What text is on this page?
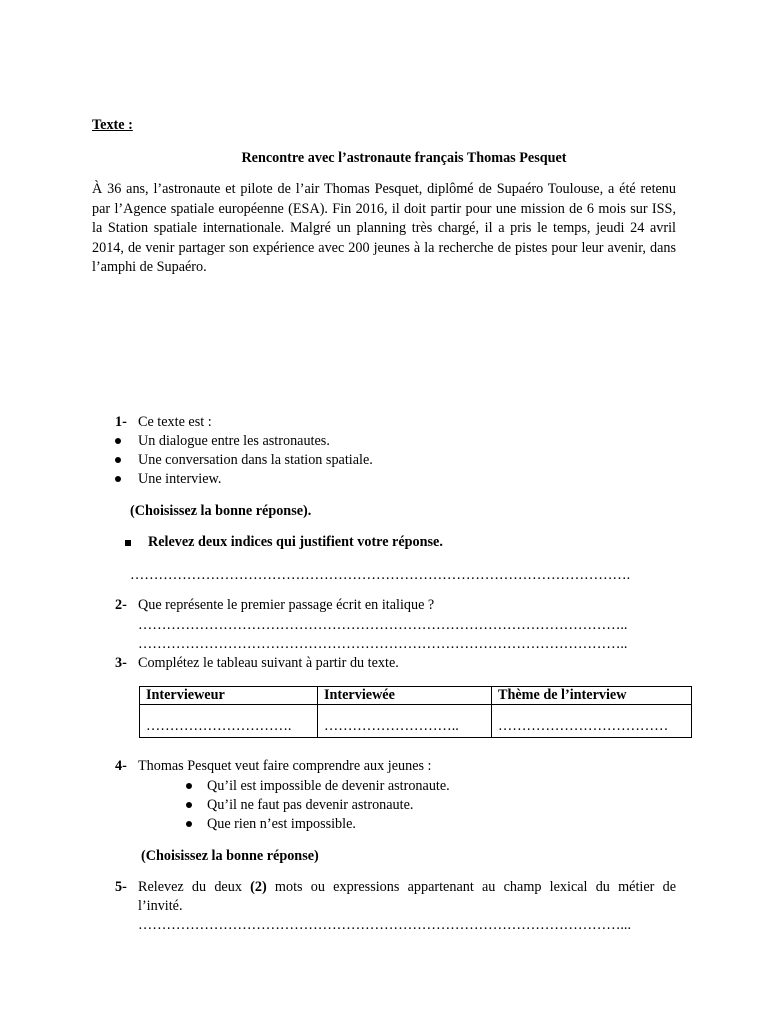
Texte :
Rencontre avec l’astronaute français Thomas Pesquet
À 36 ans, l’astronaute et pilote de l’air Thomas Pesquet, diplômé de Supaéro Toulouse, a été retenu par l’Agence spatiale européenne (ESA). Fin 2016, il doit partir pour une mission de 6 mois sur ISS, la Station spatiale internationale. Malgré un planning très chargé, il a pris le temps, jeudi 24 avril 2014, de venir partager son expérience avec 200 jeunes à la recherche de pistes pour leur avenir, dans l’amphi de Supaéro.
1- Ce texte est :
Un dialogue entre les astronautes.
Une conversation dans la station spatiale.
Une interview.
(Choisissez la bonne réponse).
Relevez deux indices qui justifient votre réponse.
…………………………………………………………………………………………….
2- Que représente le premier passage écrit en italique ?
…………………………………………………………………………………………..
…………………………………………………………………………………………..
3- Complétez le tableau suivant à partir du texte.
Intervieweur	Interviewée	Thème de l’interview
………………………….	………………………..	………………………………
4- Thomas Pesquet veut faire comprendre aux jeunes :
Qu’il est impossible de devenir astronaute.
Qu’il ne faut pas devenir astronaute.
Que rien n’est impossible.
(Choisissez la bonne réponse)
5- Relevez du deux (2) mots ou expressions appartenant au champ lexical du métier de
l’invité.
…………………………………………………………………………………………...
